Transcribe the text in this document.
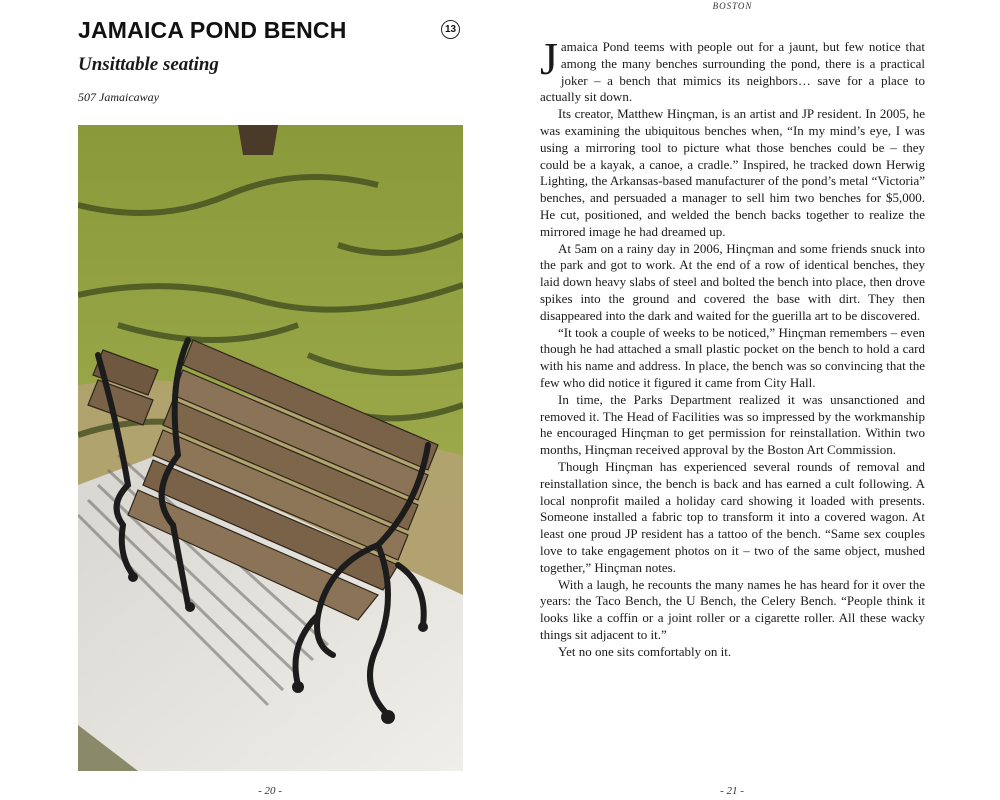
JAMAICA POND BENCH	13
Unsittable seating

507 Jamaicaway

- 20 -
BOSTON

Jamaica Pond teems with people out for a jaunt, but few notice that among the many benches surrounding the pond, there is a practical joker – a bench that mimics its neighbors… save for a place to actually sit down.

Its creator, Matthew Hinçman, is an artist and JP resident. In 2005, he was examining the ubiquitous benches when, “In my mind’s eye, I was using a mirroring tool to picture what those benches could be – they could be a kayak, a canoe, a cradle.” Inspired, he tracked down Herwig Lighting, the Arkansas-based manufacturer of the pond’s metal “Victoria” benches, and persuaded a manager to sell him two benches for $5,000. He cut, positioned, and welded the bench backs together to realize the mirrored image he had dreamed up.

At 5am on a rainy day in 2006, Hinçman and some friends snuck into the park and got to work. At the end of a row of identical benches, they laid down heavy slabs of steel and bolted the bench into place, then drove spikes into the ground and covered the base with dirt. They then disappeared into the dark and waited for the guerilla art to be discovered.

“It took a couple of weeks to be noticed,” Hinçman remembers – even though he had attached a small plastic pocket on the bench to hold a card with his name and address. In place, the bench was so convincing that the few who did notice it figured it came from City Hall.

In time, the Parks Department realized it was unsanctioned and removed it. The Head of Facilities was so impressed by the workmanship he encouraged Hinçman to get permission for reinstallation. Within two months, Hinçman received approval by the Boston Art Commission.

Though Hinçman has experienced several rounds of removal and reinstallation since, the bench is back and has earned a cult following. A local nonprofit mailed a holiday card showing it loaded with presents. Someone installed a fabric top to transform it into a covered wagon. At least one proud JP resident has a tattoo of the bench. “Same sex couples love to take engagement photos on it – two of the same object, mushed together,” Hinçman notes.

With a laugh, he recounts the many names he has heard for it over the years: the Taco Bench, the U Bench, the Celery Bench. “People think it looks like a coffin or a joint roller or a cigarette roller. All these wacky things sit adjacent to it.”

Yet no one sits comfortably on it.

- 21 -
